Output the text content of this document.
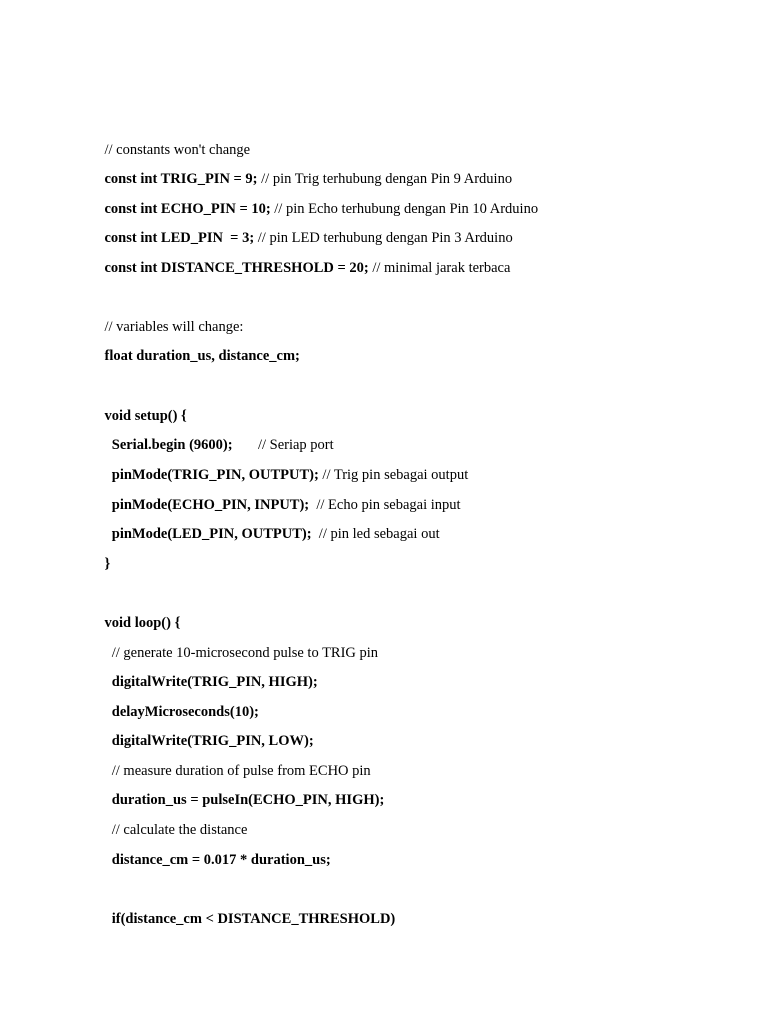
// constants won't change

const int TRIG_PIN = 9; // pin Trig terhubung dengan Pin 9 Arduino

const int ECHO_PIN = 10; // pin Echo terhubung dengan Pin 10 Arduino

const int LED_PIN  = 3; // pin LED terhubung dengan Pin 3 Arduino

const int DISTANCE_THRESHOLD = 20; // minimal jarak terbaca

// variables will change:

float duration_us, distance_cm;

void setup() {

Serial.begin (9600);       // Seriap port

pinMode(TRIG_PIN, OUTPUT); // Trig pin sebagai output

pinMode(ECHO_PIN, INPUT);  // Echo pin sebagai input

pinMode(LED_PIN, OUTPUT);  // pin led sebagai out

}

void loop() {

// generate 10-microsecond pulse to TRIG pin

digitalWrite(TRIG_PIN, HIGH);

delayMicroseconds(10);

digitalWrite(TRIG_PIN, LOW);

// measure duration of pulse from ECHO pin

duration_us = pulseIn(ECHO_PIN, HIGH);

// calculate the distance

distance_cm = 0.017 * duration_us;

if(distance_cm < DISTANCE_THRESHOLD)
